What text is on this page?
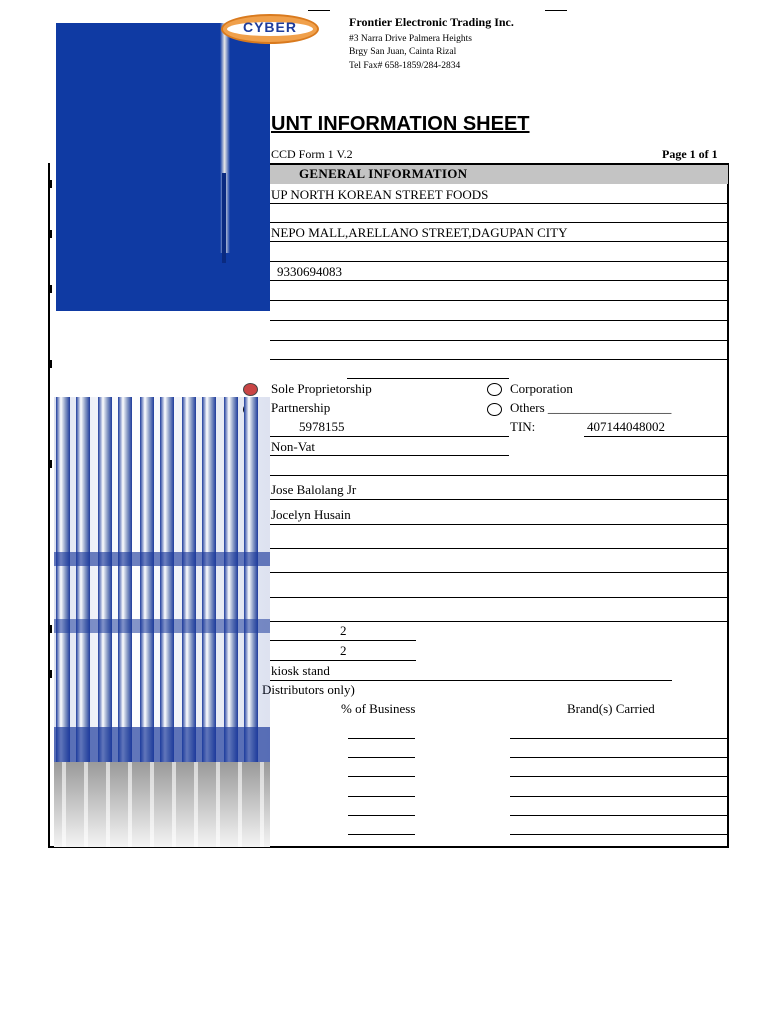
CYBER	Frontier Electronic Trading Inc.
#3 Narra Drive Palmera Heights
Brgy San Juan, Cainta Rizal
Tel Fax# 658-1859/284-2834
UNT INFORMATION SHEET
CCD Form 1 V.2	Page 1 of 1
GENERAL INFORMATION
UP NORTH KOREAN STREET FOODS
NEPO MALL,ARELLANO STREET,DAGUPAN CITY
9330694083
Sole Proprietorship	Corporation
Partnership	Others ___________________
5978155	TIN:	407144048002
Non-Vat
Jose Balolang Jr
Jocelyn Husain
2
2
kiosk stand
Distributors only)
% of Business	Brand(s) Carried
